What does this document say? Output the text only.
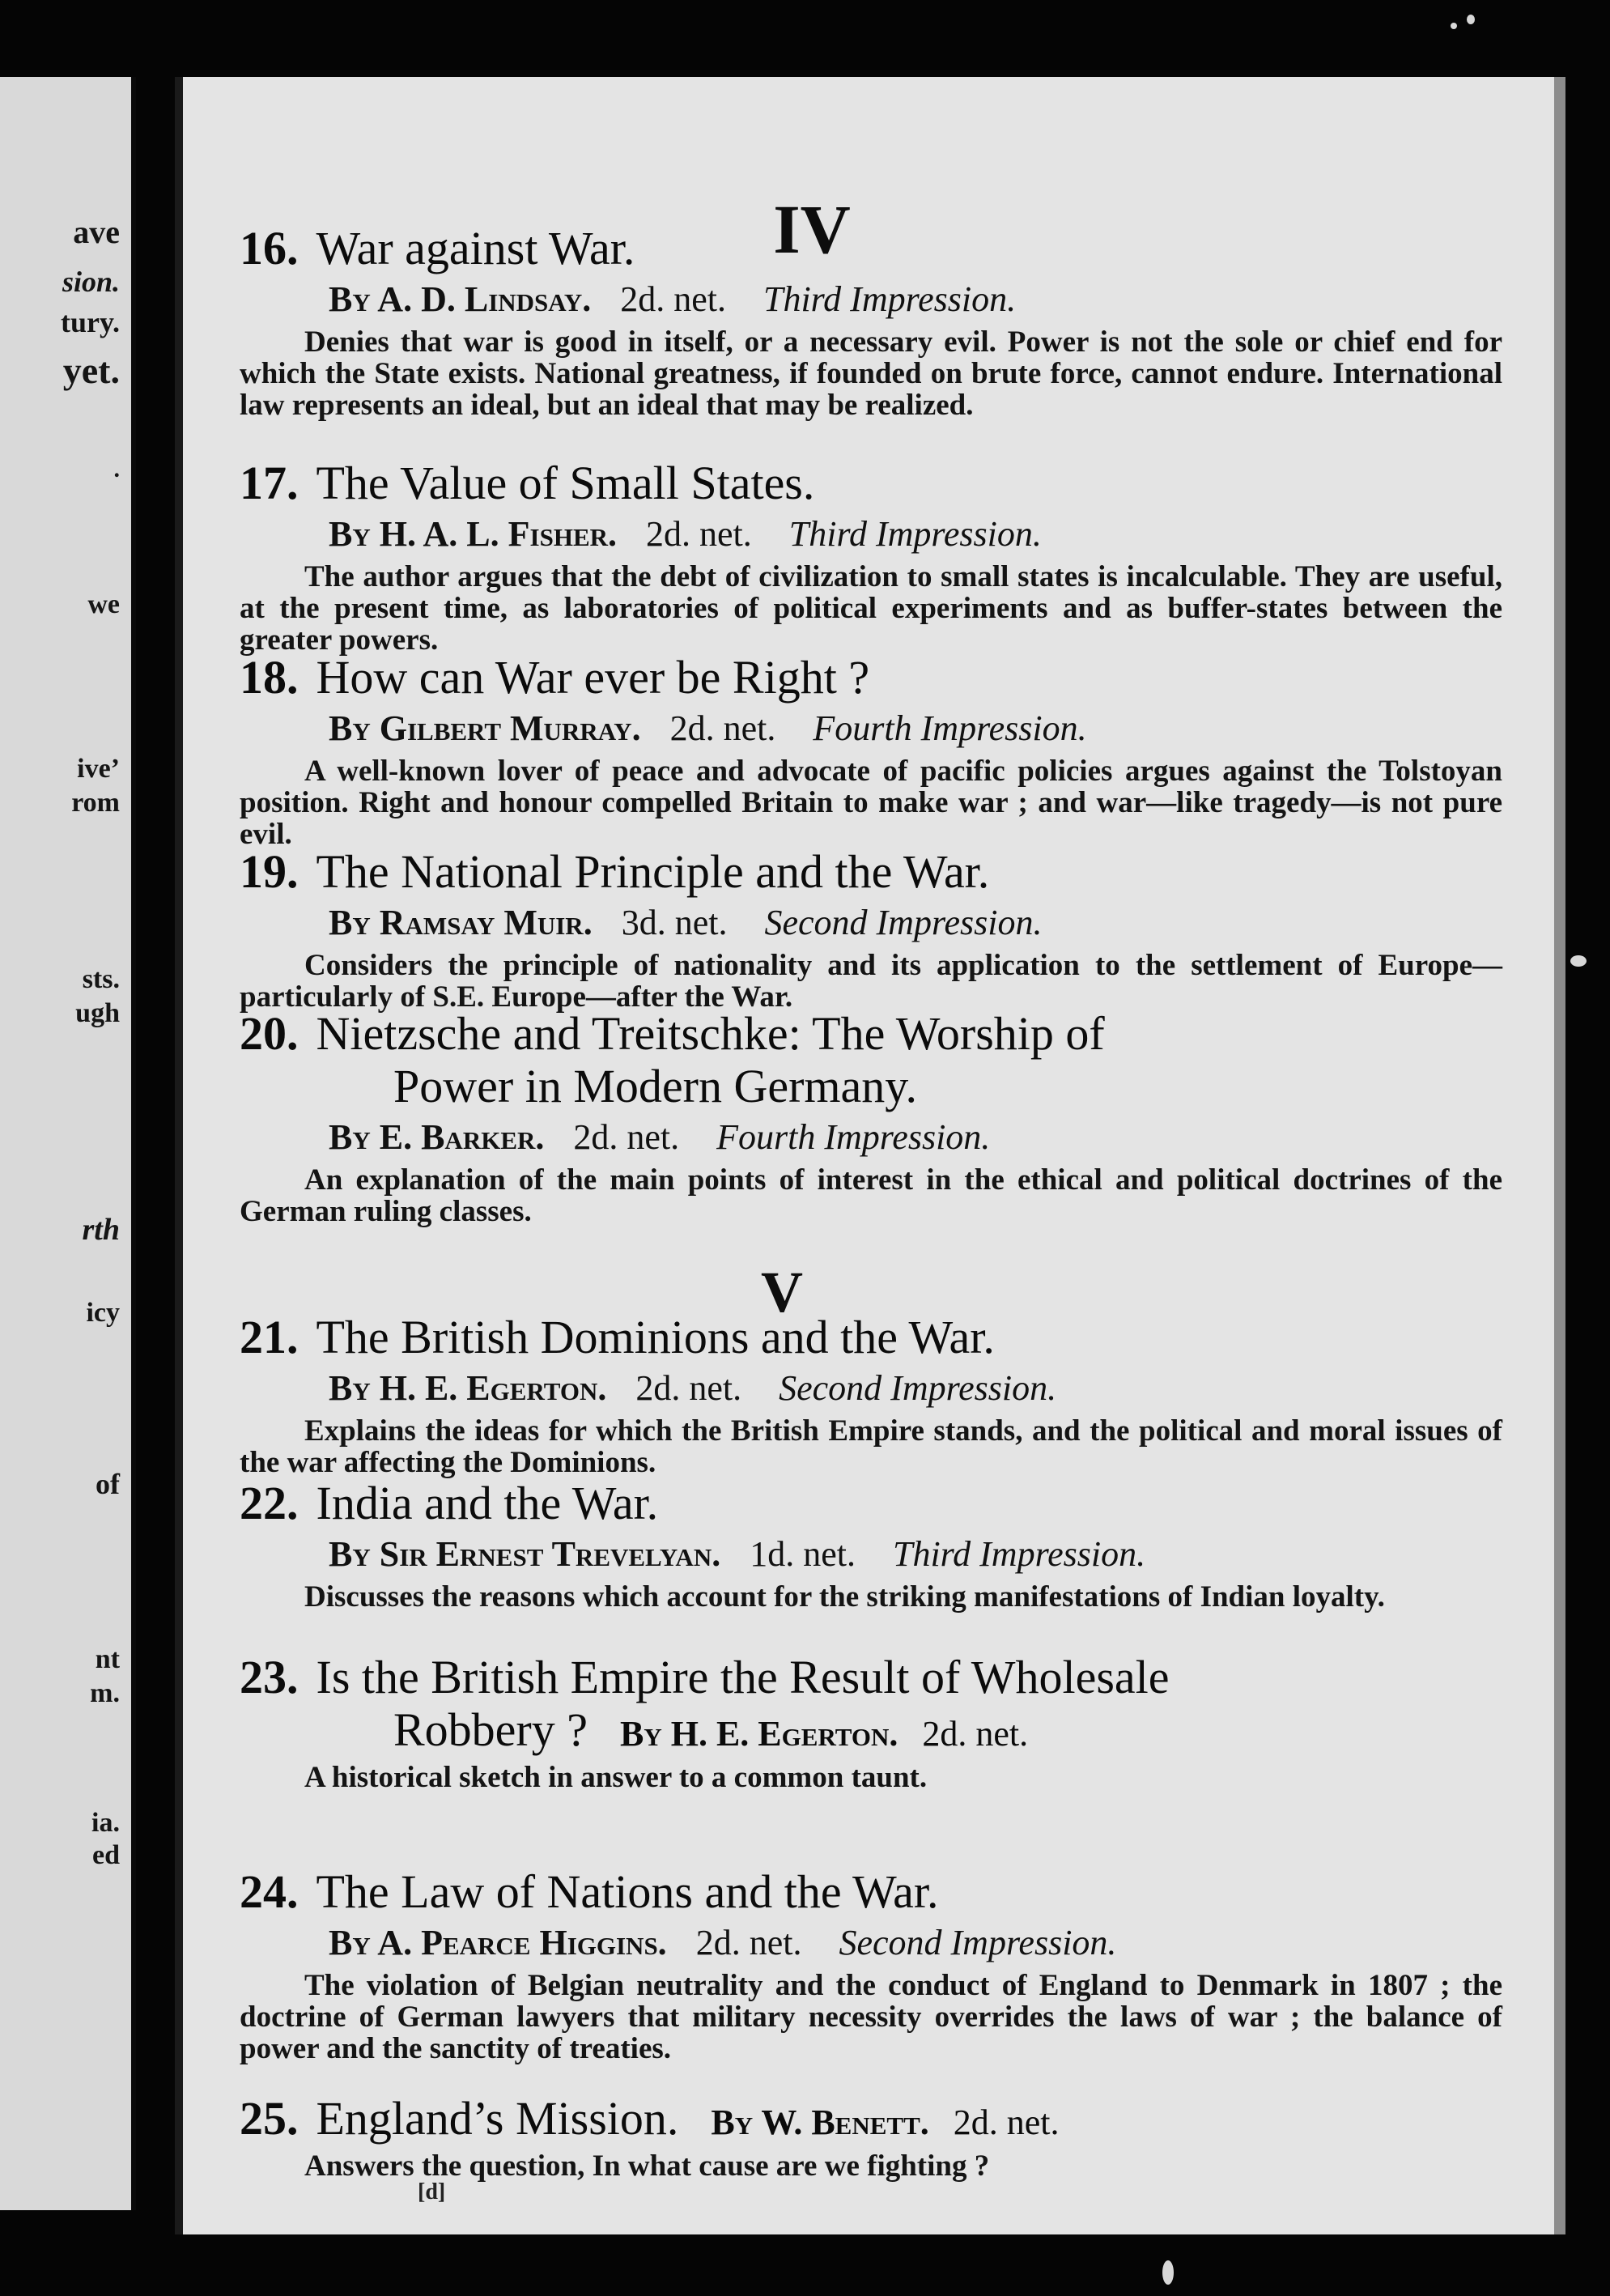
ave
sion.
tury.
yet.
.
we
ive’
rom
sts.
ugh
rth
icy
of
nt
m.
ia.
ed
IV
16. War against War.
By A. D. Lindsay. 2d. net. Third Impression.
Denies that war is good in itself, or a necessary evil. Power is not the sole or chief end for which the State exists. National greatness, if founded on brute force, cannot endure. International law represents an ideal, but an ideal that may be realized.
17. The Value of Small States.
By H. A. L. Fisher. 2d. net. Third Impression.
The author argues that the debt of civilization to small states is incalculable. They are useful, at the present time, as laboratories of political experiments and as buffer-states between the greater powers.
18. How can War ever be Right ?
By Gilbert Murray. 2d. net. Fourth Impression.
A well-known lover of peace and advocate of pacific policies argues against the Tolstoyan position. Right and honour compelled Britain to make war ; and war—like tragedy—is not pure evil.
19. The National Principle and the War.
By Ramsay Muir. 3d. net. Second Impression.
Considers the principle of nationality and its application to the settlement of Europe—particularly of S.E. Europe—after the War.
20. Nietzsche and Treitschke: The Worship of
Power in Modern Germany.
By E. Barker. 2d. net. Fourth Impression.
An explanation of the main points of interest in the ethical and political doctrines of the German ruling classes.
V
21. The British Dominions and the War.
By H. E. Egerton. 2d. net. Second Impression.
Explains the ideas for which the British Empire stands, and the political and moral issues of the war affecting the Dominions.
22. India and the War.
By Sir Ernest Trevelyan. 1d. net. Third Impression.
Discusses the reasons which account for the striking manifestations of Indian loyalty.
23. Is the British Empire the Result of Wholesale
Robbery ? By H. E. Egerton. 2d. net.
A historical sketch in answer to a common taunt.
24. The Law of Nations and the War.
By A. Pearce Higgins. 2d. net. Second Impression.
The violation of Belgian neutrality and the conduct of England to Denmark in 1807 ; the doctrine of German lawyers that military necessity overrides the laws of war ; the balance of power and the sanctity of treaties.
25. England’s Mission. By W. Benett. 2d. net.
Answers the question, In what cause are we fighting ?
[d]
